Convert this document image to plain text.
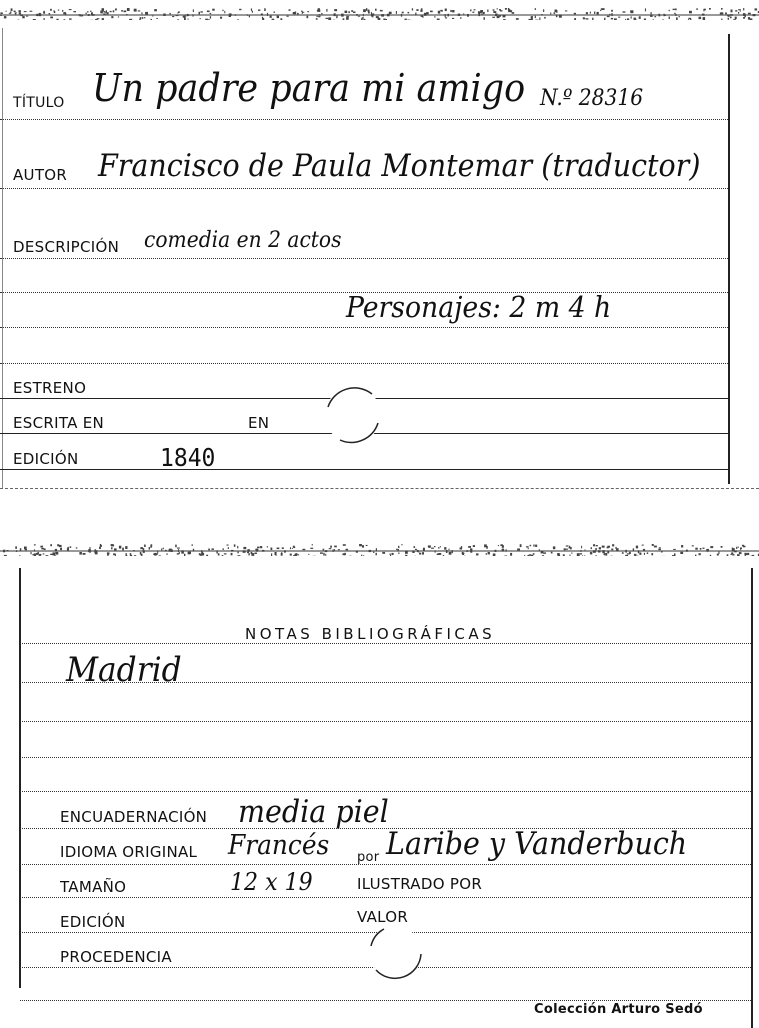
TÍTULO Un padre para mi amigo N.º 28316
AUTOR Francisco de Paula Montemar (traductor)
DESCRIPCIÓN comedia en 2 actos
Personajes: 2 m 4 h
ESTRENO
ESCRITA EN	EN
EDICIÓN	1840
NOTAS BIBLIOGRÁFICAS
Madrid
ENCUADERNACIÓN media piel
IDIOMA ORIGINAL Francés por Laribe y Vanderbuch
TAMAÑO	12 x 19	ILUSTRADO POR
EDICIÓN	VALOR
PROCEDENCIA
Colección Arturo Sedó
